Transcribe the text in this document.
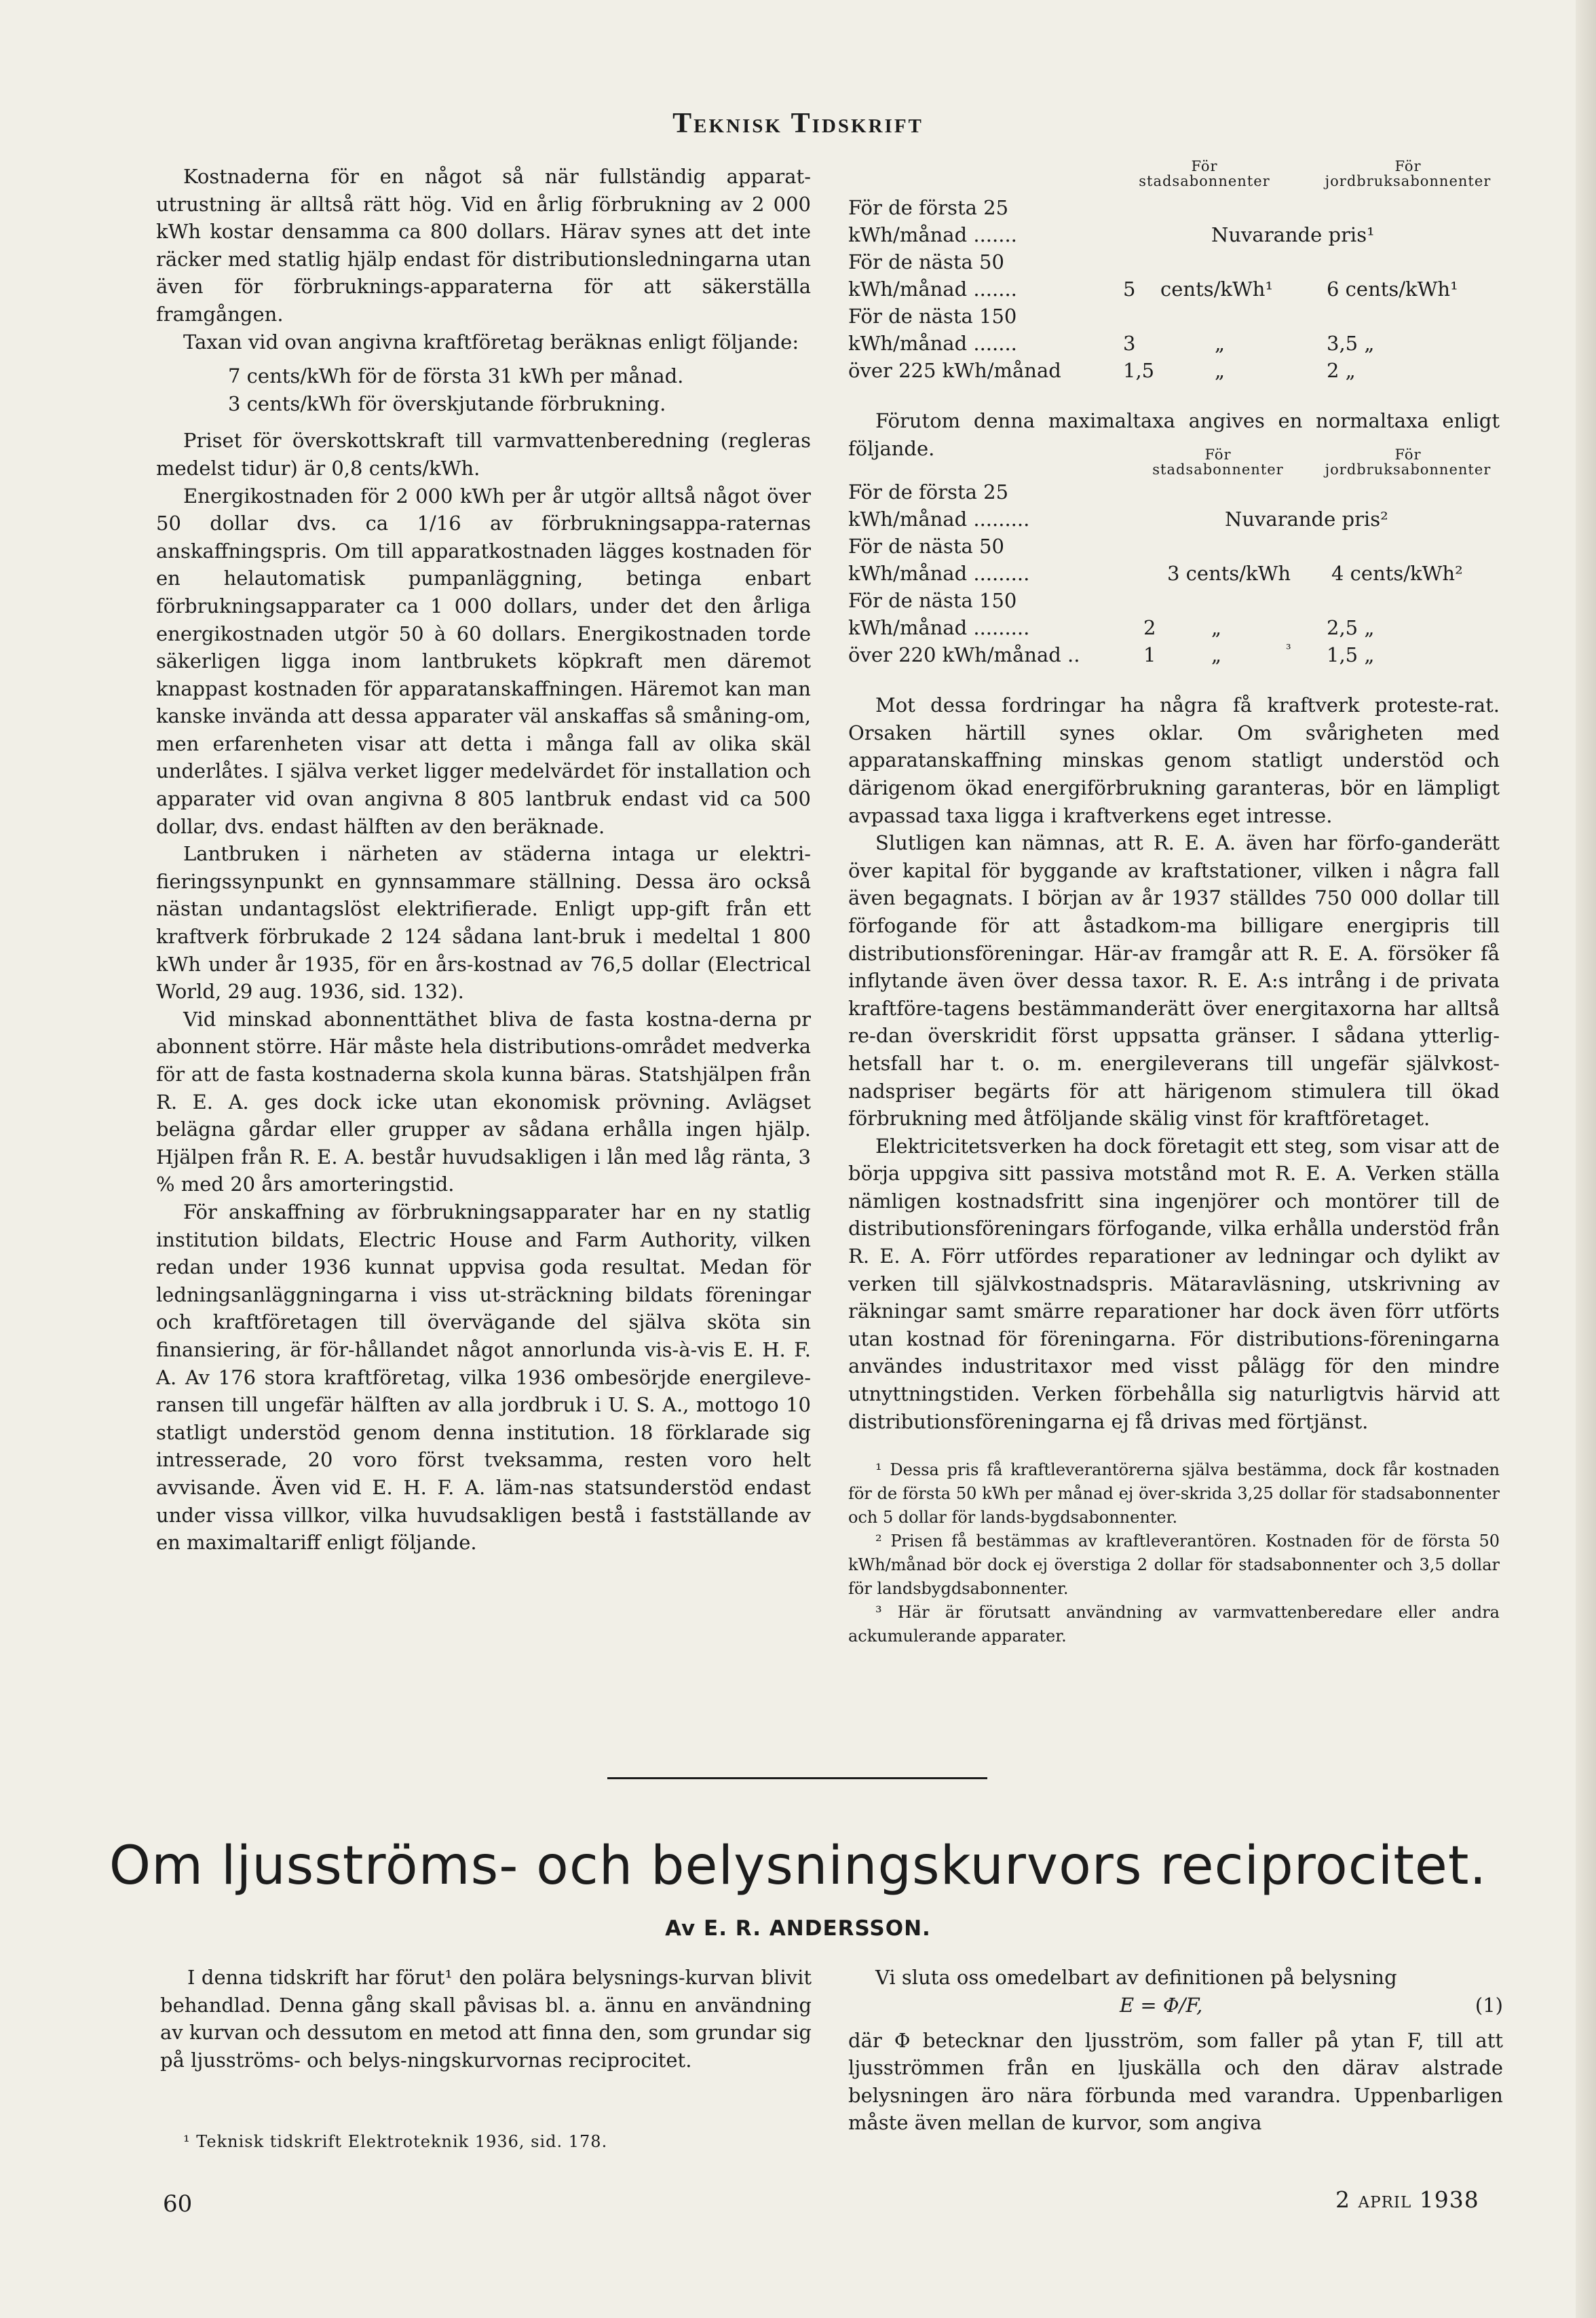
Teknisk Tidskrift

Kostnaderna för en något så när fullständig apparat-utrustning är alltså rätt hög. Vid en årlig förbrukning av 2 000 kWh kostar densamma ca 800 dollars. Härav synes att det inte räcker med statlig hjälp endast för distributionsledningarna utan även för förbruknings-apparaterna för att säkerställa framgången.

Taxan vid ovan angivna kraftföretag beräknas enligt följande:

7 cents/kWh för de första 31 kWh per månad.
3 cents/kWh för överskjutande förbrukning.

Priset för överskottskraft till varmvattenberedning (regleras medelst tidur) är 0,8 cents/kWh.

Energikostnaden för 2 000 kWh per år utgör alltså något över 50 dollar dvs. ca 1/16 av förbrukningsappa-raternas anskaffningspris. Om till apparatkostnaden lägges kostnaden för en helautomatisk pumpanläggning, betinga enbart förbrukningsapparater ca 1 000 dollars, under det den årliga energikostnaden utgör 50 à 60 dollars. Energikostnaden torde säkerligen ligga inom lantbrukets köpkraft men däremot knappast kostnaden för apparatanskaffningen. Häremot kan man kanske invända att dessa apparater väl anskaffas så småning-om, men erfarenheten visar att detta i många fall av olika skäl underlåtes. I själva verket ligger medelvärdet för installation och apparater vid ovan angivna 8 805 lantbruk endast vid ca 500 dollar, dvs. endast hälften av den beräknade.

Lantbruken i närheten av städerna intaga ur elektri-fieringssynpunkt en gynnsammare ställning. Dessa äro också nästan undantagslöst elektrifierade. Enligt upp-gift från ett kraftverk förbrukade 2 124 sådana lant-bruk i medeltal 1 800 kWh under år 1935, för en års-kostnad av 76,5 dollar (Electrical World, 29 aug. 1936, sid. 132).

Vid minskad abonnenttäthet bliva de fasta kostna-derna pr abonnent större. Här måste hela distributions-området medverka för att de fasta kostnaderna skola kunna bäras. Statshjälpen från R. E. A. ges dock icke utan ekonomisk prövning. Avlägset belägna gårdar eller grupper av sådana erhålla ingen hjälp. Hjälpen från R. E. A. består huvudsakligen i lån med låg ränta, 3 % med 20 års amorteringstid.

För anskaffning av förbrukningsapparater har en ny statlig institution bildats, Electric House and Farm Authority, vilken redan under 1936 kunnat uppvisa goda resultat. Medan för ledningsanläggningarna i viss ut-sträckning bildats föreningar och kraftföretagen till övervägande del själva sköta sin finansiering, är för-hållandet något annorlunda vis-à-vis E. H. F. A. Av 176 stora kraftföretag, vilka 1936 ombesörjde energileve-ransen till ungefär hälften av alla jordbruk i U. S. A., mottogo 10 statligt understöd genom denna institution. 18 förklarade sig intresserade, 20 voro först tveksamma, resten voro helt avvisande. Även vid E. H. F. A. läm-nas statsunderstöd endast under vissa villkor, vilka huvudsakligen bestå i fastställande av en maximaltariff enligt följande.

För
stadsabonnenter
För
jordbruksabonnenter
För de första 25
kWh/månad .......	Nuvarande pris¹
För de nästa 50
kWh/månad .......	5 cents/kWh¹	6 cents/kWh¹
För de nästa 150
kWh/månad .......	3	„	3,5 „
över 225 kWh/månad	1,5	„	2 „

Förutom denna maximaltaxa angives en normaltaxa enligt följande.	För
stadsabonnenter
För
jordbruksabonnenter
För de första 25
kWh/månad .........	Nuvarande pris²
För de nästa 50
kWh/månad .........	3 cents/kWh 4 cents/kWh²
För de nästa 150
kWh/månad .........	2	„	2,5 „
över 220 kWh/månad ..	1	„	³ 1,5 „

Mot dessa fordringar ha några få kraftverk proteste-rat. Orsaken härtill synes oklar. Om svårigheten med apparatanskaffning minskas genom statligt understöd och därigenom ökad energiförbrukning garanteras, bör en lämpligt avpassad taxa ligga i kraftverkens eget intresse.

Slutligen kan nämnas, att R. E. A. även har förfo-ganderätt över kapital för byggande av kraftstationer, vilken i några fall även begagnats. I början av år 1937 ställdes 750 000 dollar till förfogande för att åstadkom-ma billigare energipris till distributionsföreningar. Här-av framgår att R. E. A. försöker få inflytande även över dessa taxor. R. E. A:s intrång i de privata kraftföre-tagens bestämmanderätt över energitaxorna har alltså re-dan överskridit först uppsatta gränser. I sådana ytterlig-hetsfall har t. o. m. energileverans till ungefär självkost-nadspriser begärts för att härigenom stimulera till ökad förbrukning med åtföljande skälig vinst för kraftföretaget.

Elektricitetsverken ha dock företagit ett steg, som visar att de börja uppgiva sitt passiva motstånd mot R. E. A. Verken ställa nämligen kostnadsfritt sina ingenjörer och montörer till de distributionsföreningars förfogande, vilka erhålla understöd från R. E. A. Förr utfördes reparationer av ledningar och dylikt av verken till självkostnadspris. Mätaravläsning, utskrivning av räkningar samt smärre reparationer har dock även förr utförts utan kostnad för föreningarna. För distributions-föreningarna användes industritaxor med visst pålägg för den mindre utnyttningstiden. Verken förbehålla sig naturligtvis härvid att distributionsföreningarna ej få drivas med förtjänst.

¹ Dessa pris få kraftleverantörerna själva bestämma, dock får kostnaden för de första 50 kWh per månad ej över-skrida 3,25 dollar för stadsabonnenter och 5 dollar för lands-bygdsabonnenter.

² Prisen få bestämmas av kraftleverantören. Kostnaden för de första 50 kWh/månad bör dock ej överstiga 2 dollar för stadsabonnenter och 3,5 dollar för landsbygdsabonnenter.

³ Här är förutsatt användning av varmvattenberedare eller andra ackumulerande apparater.

Om ljusströms- och belysningskurvors reciprocitet.
Av E. R. ANDERSSON.

I denna tidskrift har förut¹ den polära belysnings-kurvan blivit behandlad. Denna gång skall påvisas bl. a. ännu en användning av kurvan och dessutom en metod att finna den, som grundar sig på ljusströms- och belys-ningskurvornas reciprocitet.

¹ Teknisk tidskrift Elektroteknik 1936, sid. 178.

Vi sluta oss omedelbart av definitionen på belysning

E = Φ/F,	(1)

där Φ betecknar den ljusström, som faller på ytan F, till att ljusströmmen från en ljuskälla och den därav alstrade belysningen äro nära förbunda med varandra. Uppenbarligen måste även mellan de kurvor, som angiva

60	2 april 1938
